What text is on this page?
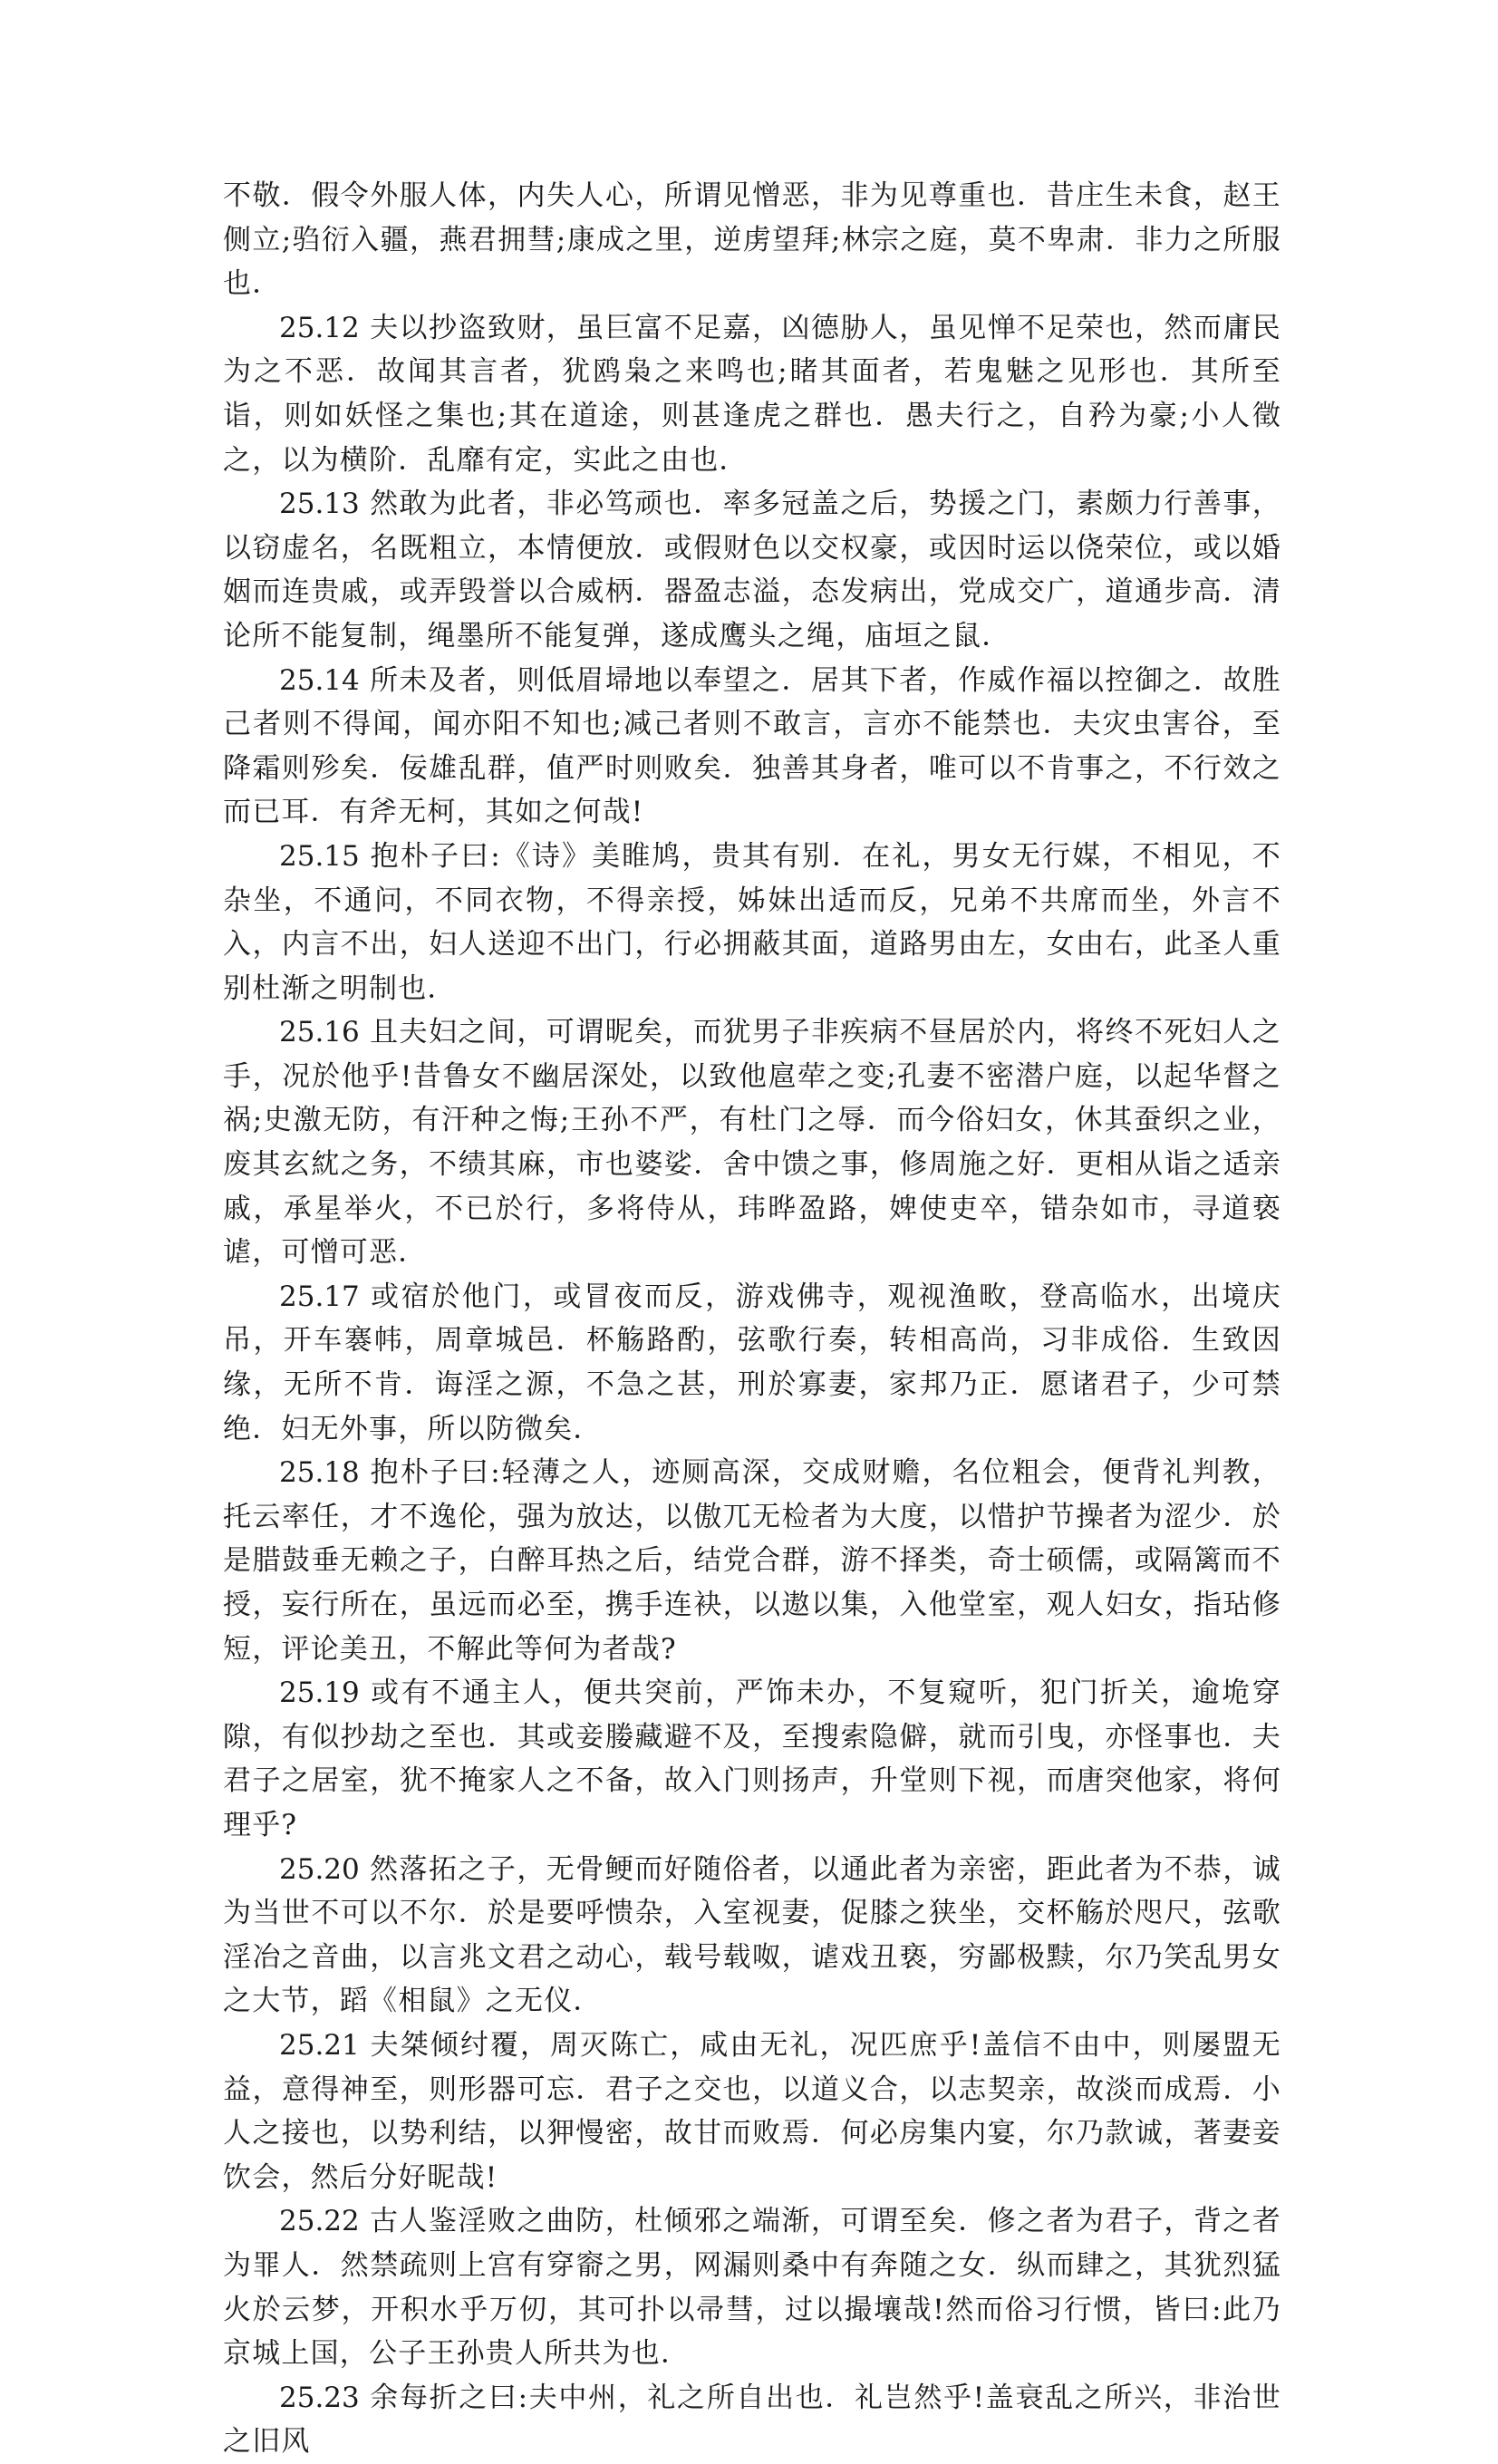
不敬．假令外服人体，内失人心，所谓见憎恶，非为见尊重也．昔庄生未食，赵王侧立;驺衍入疆，燕君拥彗;康成之里，逆虏望拜;林宗之庭，莫不卑肃．非力之所服也．

25.12 夫以抄盗致财，虽巨富不足嘉，凶德胁人，虽见惮不足荣也，然而庸民为之不恶．故闻其言者，犹鸥枭之来鸣也;睹其面者，若鬼魅之见形也．其所至诣，则如妖怪之集也;其在道途，则甚逢虎之群也．愚夫行之，自矜为豪;小人徵之，以为横阶．乱靡有定，实此之由也．

25.13 然敢为此者，非必笃顽也．率多冠盖之后，势援之门，素颇力行善事，以窃虚名，名既粗立，本情便放．或假财色以交权豪，或因时运以侥荣位，或以婚姻而连贵戚，或弄毁誉以合威柄．器盈志溢，态发病出，党成交广，道通步高．清论所不能复制，绳墨所不能复弹，遂成鹰头之绳，庙垣之鼠．

25.14 所未及者，则低眉埽地以奉望之．居其下者，作威作福以控御之．故胜己者则不得闻，闻亦阳不知也;减己者则不敢言，言亦不能禁也．夫灾虫害谷，至降霜则殄矣．佞雄乱群，值严时则败矣．独善其身者，唯可以不肯事之，不行效之而已耳．有斧无柯，其如之何哉!

25.15 抱朴子曰:《诗》美睢鸠，贵其有别．在礼，男女无行媒，不相见，不杂坐，不通问，不同衣物，不得亲授，姊妹出适而反，兄弟不共席而坐，外言不入，内言不出，妇人送迎不出门，行必拥蔽其面，道路男由左，女由右，此圣人重别杜渐之明制也．

25.16 且夫妇之间，可谓昵矣，而犹男子非疾病不昼居於内，将终不死妇人之手，况於他乎!昔鲁女不幽居深处，以致他扈荦之变;孔妻不密潜户庭，以起华督之祸;史激无防，有汗种之悔;王孙不严，有杜门之辱．而今俗妇女，休其蚕织之业，废其玄紞之务，不绩其麻，市也婆娑．舍中馈之事，修周施之好．更相从诣之适亲戚，承星举火，不已於行，多将侍从，玮晔盈路，婢使吏卒，错杂如市，寻道亵谑，可憎可恶．

25.17 或宿於他门，或冒夜而反，游戏佛寺，观视渔畋，登高临水，出境庆吊，开车褰帏，周章城邑．杯觞路酌，弦歌行奏，转相高尚，习非成俗．生致因缘，无所不肯．诲淫之源，不急之甚，刑於寡妻，家邦乃正．愿诸君子，少可禁绝．妇无外事，所以防微矣．

25.18 抱朴子曰:轻薄之人，迹厕高深，交成财赡，名位粗会，便背礼判教，托云率任，才不逸伦，强为放达，以傲兀无检者为大度，以惜护节操者为涩少．於是腊鼓垂无赖之子，白醉耳热之后，结党合群，游不择类，奇士硕儒，或隔篱而不授，妄行所在，虽远而必至，携手连袂，以遨以集，入他堂室，观人妇女，指玷修短，评论美丑，不解此等何为者哉?

25.19 或有不通主人，便共突前，严饰未办，不复窥听，犯门折关，逾垝穿隙，有似抄劫之至也．其或妾媵藏避不及，至搜索隐僻，就而引曳，亦怪事也．夫君子之居室，犹不掩家人之不备，故入门则扬声，升堂则下视，而唐突他家，将何理乎?

25.20 然落拓之子，无骨鲠而好随俗者，以通此者为亲密，距此者为不恭，诚为当世不可以不尔．於是要呼愦杂，入室视妻，促膝之狭坐，交杯觞於咫尺，弦歌淫冶之音曲，以言兆文君之动心，载号载呶，谑戏丑亵，穷鄙极黩，尔乃笑乱男女之大节，蹈《相鼠》之无仪．

25.21 夫桀倾纣覆，周灭陈亡，咸由无礼，况匹庶乎!盖信不由中，则屡盟无益，意得神至，则形器可忘．君子之交也，以道义合，以志契亲，故淡而成焉．小人之接也，以势利结，以狎慢密，故甘而败焉．何必房集内宴，尔乃款诚，著妻妾饮会，然后分好昵哉!

25.22 古人鉴淫败之曲防，杜倾邪之端渐，可谓至矣．修之者为君子，背之者为罪人．然禁疏则上宫有穿窬之男，网漏则桑中有奔随之女．纵而肆之，其犹烈猛火於云梦，开积水乎万仞，其可扑以帚彗，过以撮壤哉!然而俗习行惯，皆曰:此乃京城上国，公子王孙贵人所共为也．

25.23 余每折之曰:夫中州，礼之所自出也．礼岂然乎!盖衰乱之所兴，非治世之旧风
